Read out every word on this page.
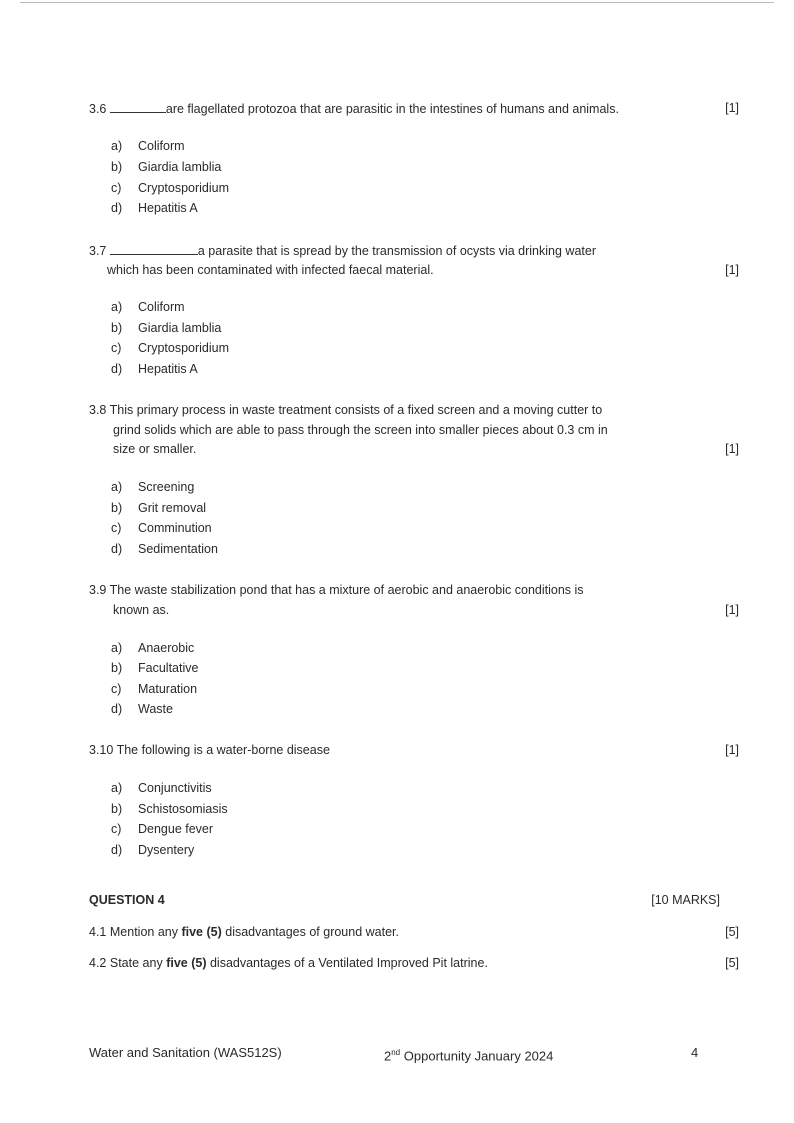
3.6	are flagellated protozoa that are parasitic in the intestines of humans and animals.	[1]
a) Coliform
b) Giardia lamblia
c) Cryptosporidium
d) Hepatitis A
3.7	a parasite that is spread by the transmission of ocysts via drinking water
which has been contaminated with infected faecal material.	[1]
a) Coliform
b) Giardia lamblia
c) Cryptosporidium
d) Hepatitis A
3.8 This primary process in waste treatment consists of a fixed screen and a moving cutter to
grind solids which are able to pass through the screen into smaller pieces about 0.3 cm in
size or smaller.	[1]
a) Screening
b) Grit removal
c) Comminution
d) Sedimentation
3.9 The waste stabilization pond that has a mixture of aerobic and anaerobic conditions is
known as.	[1]
a) Anaerobic
b) Facultative
c) Maturation
d) Waste
3.10 The following is a water-borne disease	[1]
a) Conjunctivitis
b) Schistosomiasis
c) Dengue fever
d) Dysentery
QUESTION 4	[10 MARKS]
4.1 Mention any five (5) disadvantages of ground water.	[5]
4.2 State any five (5) disadvantages of a Ventilated Improved Pit latrine.	[5]
Water and Sanitation (WAS512S)	2nd Opportunity January 2024	4
